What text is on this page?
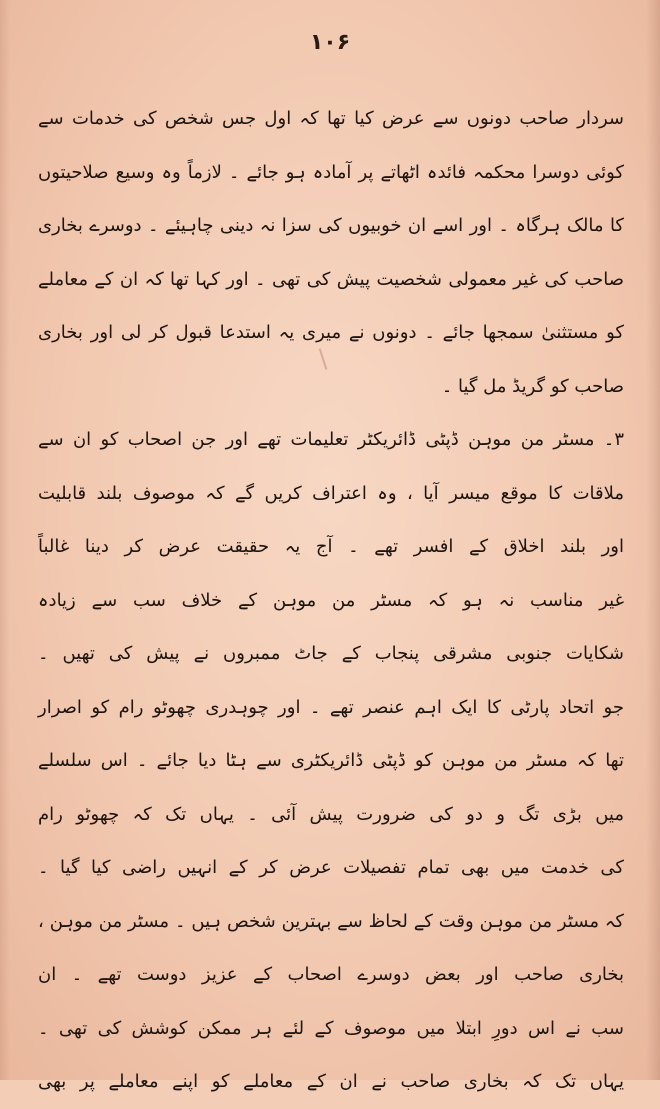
۱۰۶
سردار صاحب دونوں سے عرض کیا تھا کہ اول جس شخص کی خدمات سے
کوئی دوسرا محکمہ فائدہ اٹھاتے پر آمادہ ہو جائے ۔ لازماً وہ وسیع صلاحیتوں
کا مالک ہرگاہ ۔ اور اسے ان خوبیوں کی سزا نہ دینی چاہیئے ۔ دوسرے بخاری
صاحب کی غیر معمولی شخصیت پیش کی تھی ۔ اور کہا تھا کہ ان کے معاملے
کو مستثنیٰ سمجھا جائے ۔ دونوں نے میری یہ استدعا قبول کر لی اور بخاری
صاحب کو گریڈ مل گیا ۔
۳۔ مسٹر من موہن ڈپٹی ڈائریکٹر تعلیمات تھے اور جن اصحاب کو ان سے
ملاقات کا موقع میسر آیا ، وہ اعتراف کریں گے کہ موصوف بلند قابلیت
اور بلند اخلاق کے افسر تھے ۔ آج یہ حقیقت عرض کر دینا غالباً
غیر مناسب نہ ہو کہ مسٹر من موہن کے خلاف سب سے زیادہ
شکایات جنوبی مشرقی پنجاب کے جاٹ ممبروں نے پیش کی تھیں ۔
جو اتحاد پارٹی کا ایک اہم عنصر تھے ۔ اور چوہدری چھوٹو رام کو اصرار
تھا کہ مسٹر من موہن کو ڈپٹی ڈائریکٹری سے ہٹا دیا جائے ۔ اس سلسلے
میں بڑی تگ و دو کی ضرورت پیش آئی ۔ یہاں تک کہ چھوٹو رام
کی خدمت میں بھی تمام تفصیلات عرض کر کے انہیں راضی کیا گیا ۔
کہ مسٹر من موہن وقت کے لحاظ سے بہترین شخص ہیں ۔ مسٹر من موہن ،
بخاری صاحب اور بعض دوسرے اصحاب کے عزیز دوست تھے ۔ ان
سب نے اس دورِ ابتلا میں موصوف کے لئے ہر ممکن کوشش کی تھی ۔
یہاں تک کہ بخاری صاحب نے ان کے معاملے کو اپنے معاملے پر بھی
